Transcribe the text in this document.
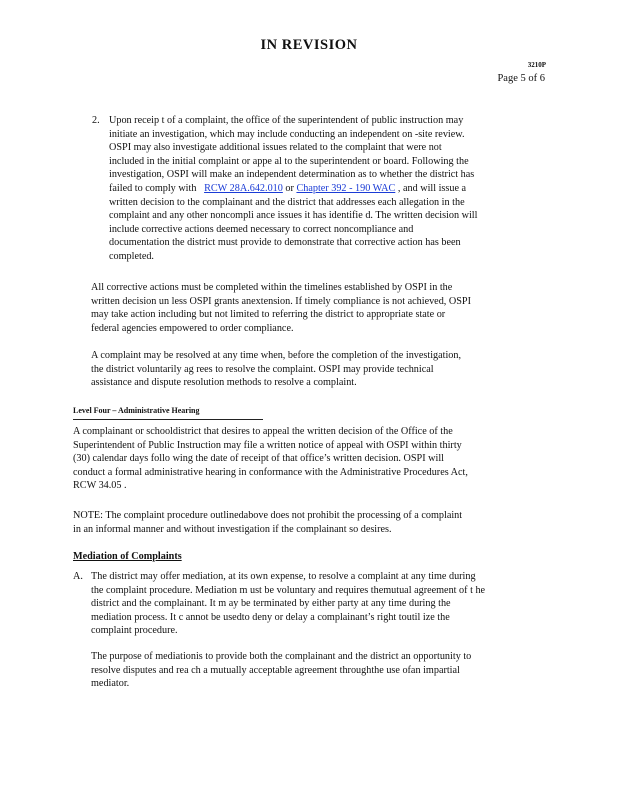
IN REVISION
3210P
Page 5 of 6
2. Upon receip t of a complaint, the office of the superintendent of public instruction may
initiate an investigation, which may include conducting an independent on -site review.
OSPI may also investigate additional issues related to the complaint that were not
included in the initial complaint or appe al to the superintendent or board. Following the
investigation, OSPI will make an independent determination as to whether the district has
failed to comply with RCW 28A.642.010 or Chapter 392 - 190 WAC , and will issue a
written decision to the complainant and the district that addresses each allegation in the
complaint and any other noncompli ance issues it has identifie d. The written decision will
include corrective actions deemed necessary to correct noncompliance and
documentation the district must provide to demonstrate that corrective action has been
completed.
All corrective actions must be completed within the timelines established by OSPI in the
written decision un less OSPI grants anextension. If timely compliance is not achieved, OSPI
may take action including but not limited to referring the district to appropriate state or
federal agencies empowered to order compliance.
A complaint may be resolved at any time when, before the completion of the investigation,
the district voluntarily ag rees to resolve the complaint. OSPI may provide technical
assistance and dispute resolution methods to resolve a complaint.
Level Four – Administrative Hearing
A complainant or schooldistrict that desires to appeal the written decision of the Office of the
Superintendent of Public Instruction may file a written notice of appeal with OSPI within thirty
(30) calendar days follo wing the date of receipt of that office’s written decision. OSPI will
conduct a formal administrative hearing in conformance with the Administrative Procedures Act,
RCW 34.05 .
NOTE: The complaint procedure outlinedabove does not prohibit the processing of a complaint
in an informal manner and without investigation if the complainant so desires.
Mediation of Complaints
A. The district may offer mediation, at its own expense, to resolve a complaint at any time during
the complaint procedure. Mediation m ust be voluntary and requires themutual agreement of t he
district and the complainant. It m ay be terminated by either party at any time during the
mediation process. It c annot be usedto deny or delay a complainant’s right toutil ize the
complaint procedure.
The purpose of mediationis to provide both the complainant and the district an opportunity to
resolve disputes and rea ch a mutually acceptable agreement throughthe use ofan impartial
mediator.
